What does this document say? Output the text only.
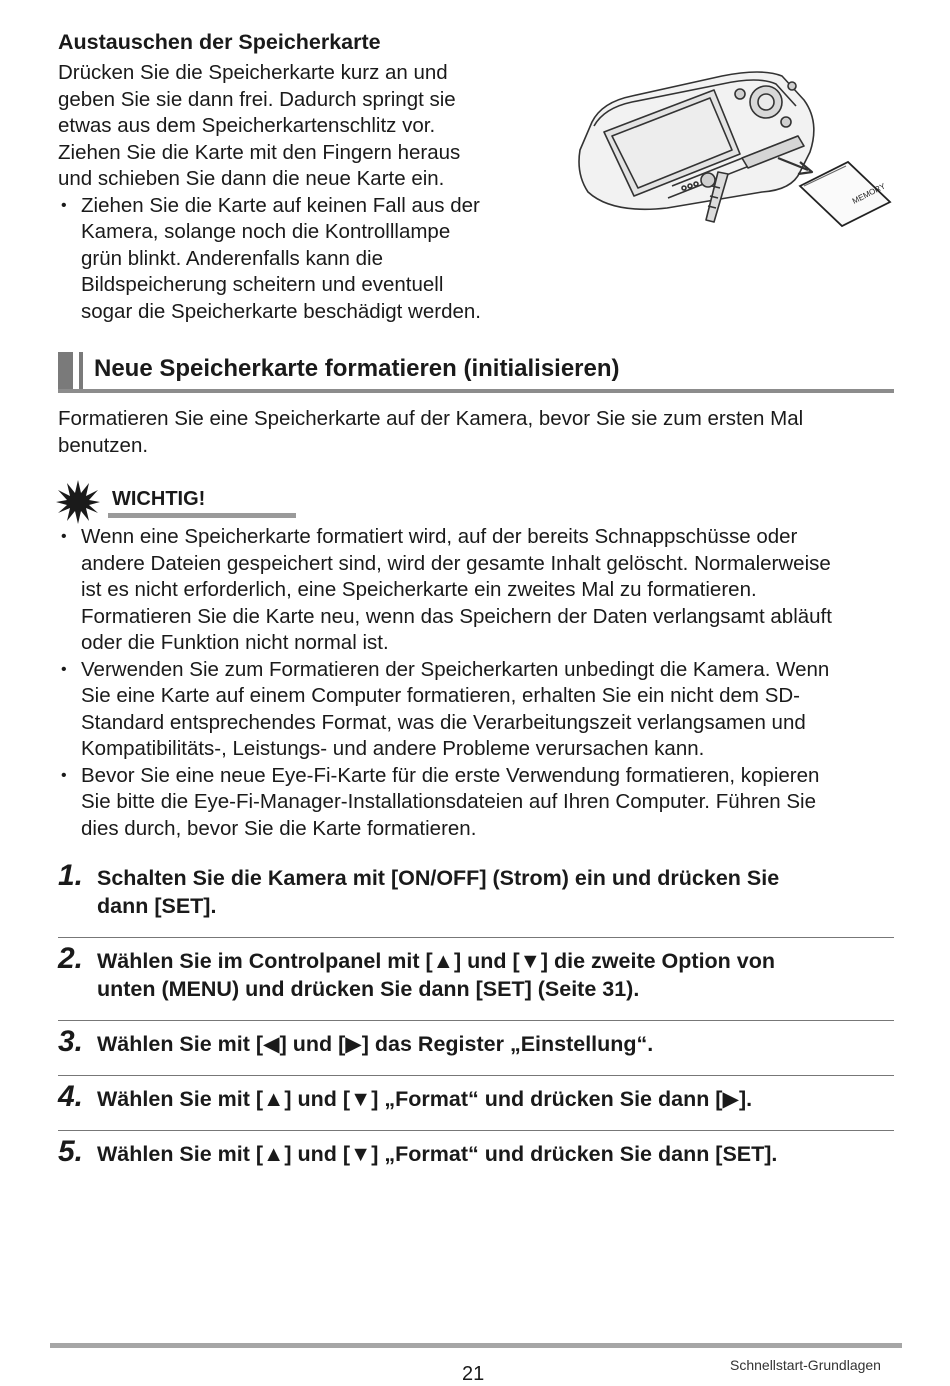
Austauschen der Speicherkarte
Drücken Sie die Speicherkarte kurz an und
geben Sie sie dann frei. Dadurch springt sie
etwas aus dem Speicherkartenschlitz vor.
Ziehen Sie die Karte mit den Fingern heraus
und schieben Sie dann die neue Karte ein.
• Ziehen Sie die Karte auf keinen Fall aus der
Kamera, solange noch die Kontrolllampe
grün blinkt. Anderenfalls kann die
Bildspeicherung scheitern und eventuell
sogar die Speicherkarte beschädigt werden.
MEMORY
Neue Speicherkarte formatieren (initialisieren)
Formatieren Sie eine Speicherkarte auf der Kamera, bevor Sie sie zum ersten Mal
benutzen.
WICHTIG!
• Wenn eine Speicherkarte formatiert wird, auf der bereits Schnappschüsse oder
andere Dateien gespeichert sind, wird der gesamte Inhalt gelöscht. Normalerweise
ist es nicht erforderlich, eine Speicherkarte ein zweites Mal zu formatieren.
Formatieren Sie die Karte neu, wenn das Speichern der Daten verlangsamt abläuft
oder die Funktion nicht normal ist.
• Verwenden Sie zum Formatieren der Speicherkarten unbedingt die Kamera. Wenn
Sie eine Karte auf einem Computer formatieren, erhalten Sie ein nicht dem SD-
Standard entsprechendes Format, was die Verarbeitungszeit verlangsamen und
Kompatibilitäts-, Leistungs- und andere Probleme verursachen kann.
• Bevor Sie eine neue Eye-Fi-Karte für die erste Verwendung formatieren, kopieren
Sie bitte die Eye-Fi-Manager-Installationsdateien auf Ihren Computer. Führen Sie
dies durch, bevor Sie die Karte formatieren.
1. Schalten Sie die Kamera mit [ON/OFF] (Strom) ein und drücken Sie
dann [SET].
2. Wählen Sie im Controlpanel mit [▲] und [▼] die zweite Option von
unten (MENU) und drücken Sie dann [SET] (Seite 31).
3. Wählen Sie mit [◀] und [▶] das Register „Einstellung“.
4. Wählen Sie mit [▲] und [▼] „Format“ und drücken Sie dann [▶].
5. Wählen Sie mit [▲] und [▼] „Format“ und drücken Sie dann [SET].
21	Schnellstart-Grundlagen
